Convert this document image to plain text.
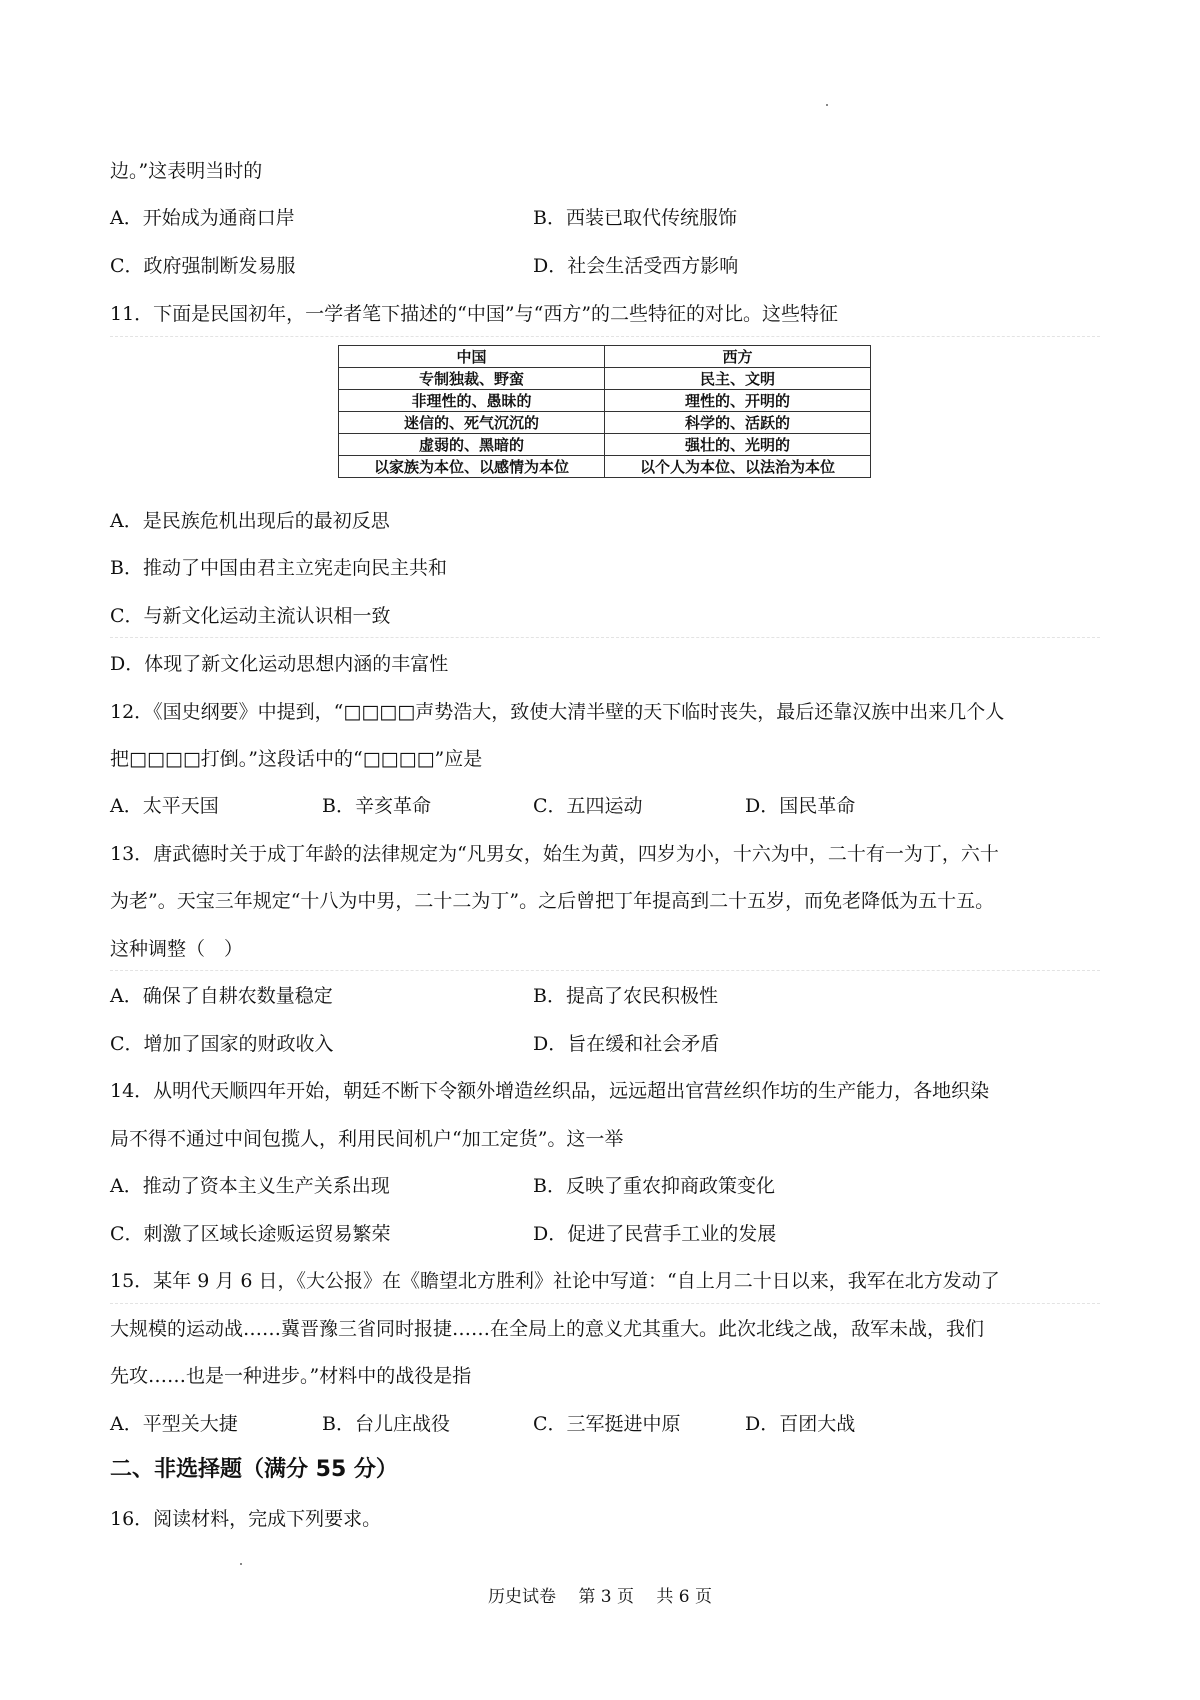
边。”这表明当时的
A．开始成为通商口岸	B．西装已取代传统服饰
C．政府强制断发易服	D．社会生活受西方影响
11．下面是民国初年，一学者笔下描述的“中国”与“西方”的二些特征的对比。这些特征
中国	西方
专制独裁、野蛮	民主、文明
非理性的、愚昧的	理性的、开明的
迷信的、死气沉沉的	科学的、活跃的
虚弱的、黑暗的	强壮的、光明的
以家族为本位、以感情为本位	以个人为本位、以法治为本位
A．是民族危机出现后的最初反思
B．推动了中国由君主立宪走向民主共和
C．与新文化运动主流认识相一致
D．体现了新文化运动思想内涵的丰富性
12．《国史纲要》中提到，“□□□□声势浩大，致使大清半壁的天下临时丧失，最后还靠汉族中出来几个人
把□□□□打倒。”这段话中的“□□□□”应是
A．太平天国	B．辛亥革命	C．五四运动	D．国民革命
13．唐武德时关于成丁年龄的法律规定为“凡男女，始生为黄，四岁为小，十六为中，二十有一为丁，六十
为老”。天宝三年规定“十八为中男，二十二为丁”。之后曾把丁年提高到二十五岁，而免老降低为五十五。
这种调整（　）
A．确保了自耕农数量稳定	B．提高了农民积极性
C．增加了国家的财政收入	D．旨在缓和社会矛盾
14．从明代天顺四年开始，朝廷不断下令额外增造丝织品，远远超出官营丝织作坊的生产能力，各地织染
局不得不通过中间包揽人，利用民间机户“加工定货”。这一举
A．推动了资本主义生产关系出现	B．反映了重农抑商政策变化
C．刺激了区域长途贩运贸易繁荣	D．促进了民营手工业的发展
15．某年 9 月 6 日，《大公报》在《瞻望北方胜利》社论中写道：“自上月二十日以来，我军在北方发动了
大规模的运动战……冀晋豫三省同时报捷……在全局上的意义尤其重大。此次北线之战，敌军未战，我们
先攻……也是一种进步。”材料中的战役是指
A．平型关大捷	B．台儿庄战役	C．三军挺进中原	D．百团大战
二、非选择题（满分 55 分）
16．阅读材料，完成下列要求。
历史试卷　 第 3 页　 共 6 页
